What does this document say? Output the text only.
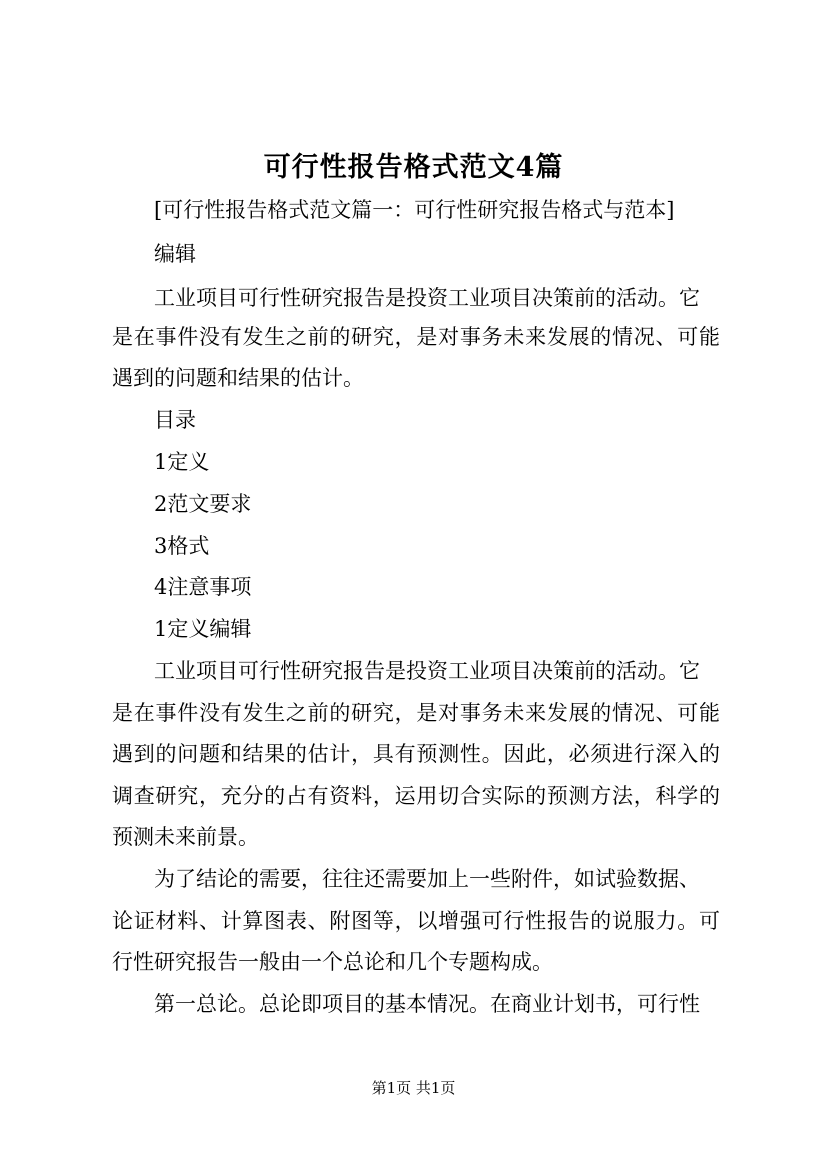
可行性报告格式范文4篇
[可行性报告格式范文篇一：可行性研究报告格式与范本]
编辑
工业项目可行性研究报告是投资工业项目决策前的活动。它
是在事件没有发生之前的研究，是对事务未来发展的情况、可能
遇到的问题和结果的估计。
目录
1定义
2范文要求
3格式
4注意事项
1定义编辑
工业项目可行性研究报告是投资工业项目决策前的活动。它
是在事件没有发生之前的研究，是对事务未来发展的情况、可能
遇到的问题和结果的估计，具有预测性。因此，必须进行深入的
调查研究，充分的占有资料，运用切合实际的预测方法，科学的
预测未来前景。
为了结论的需要，往往还需要加上一些附件，如试验数据、
论证材料、计算图表、附图等，以增强可行性报告的说服力。可
行性研究报告一般由一个总论和几个专题构成。
第一总论。总论即项目的基本情况。在商业计划书，可行性
第1页 共1页
